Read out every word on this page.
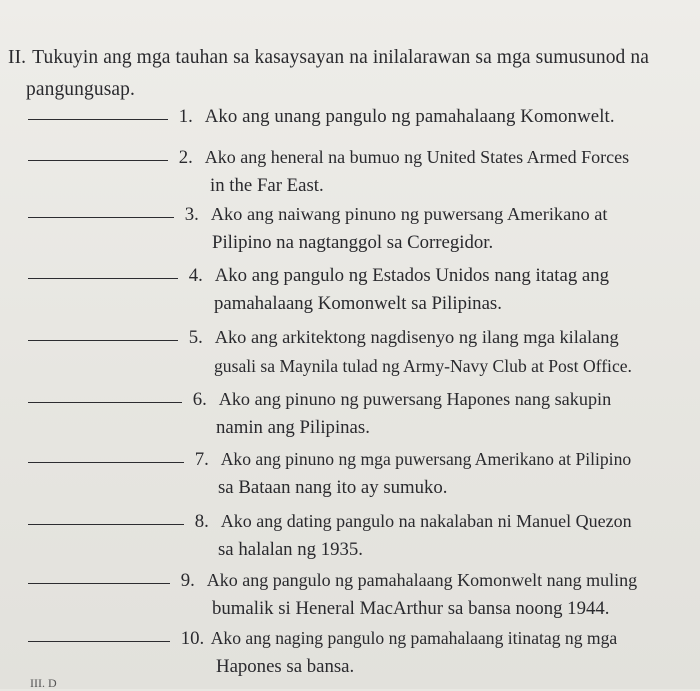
II. Tukuyin ang mga tauhan sa kasaysayan na inilalarawan sa mga sumusunod na
pangungusap.
1. Ako ang unang pangulo ng pamahalaang Komonwelt.
2. Ako ang heneral na bumuo ng United States Armed Forces
in the Far East.
3. Ako ang naiwang pinuno ng puwersang Amerikano at
Pilipino na nagtanggol sa Corregidor.
4. Ako ang pangulo ng Estados Unidos nang itatag ang
pamahalaang Komonwelt sa Pilipinas.
5. Ako ang arkitektong nagdisenyo ng ilang mga kilalang
gusali sa Maynila tulad ng Army-Navy Club at Post Office.
6. Ako ang pinuno ng puwersang Hapones nang sakupin
namin ang Pilipinas.
7. Ako ang pinuno ng mga puwersang Amerikano at Pilipino
sa Bataan nang ito ay sumuko.
8. Ako ang dating pangulo na nakalaban ni Manuel Quezon
sa halalan ng 1935.
9. Ako ang pangulo ng pamahalaang Komonwelt nang muling
bumalik si Heneral MacArthur sa bansa noong 1944.
10. Ako ang naging pangulo ng pamahalaang itinatag ng mga
Hapones sa bansa.
III. D
